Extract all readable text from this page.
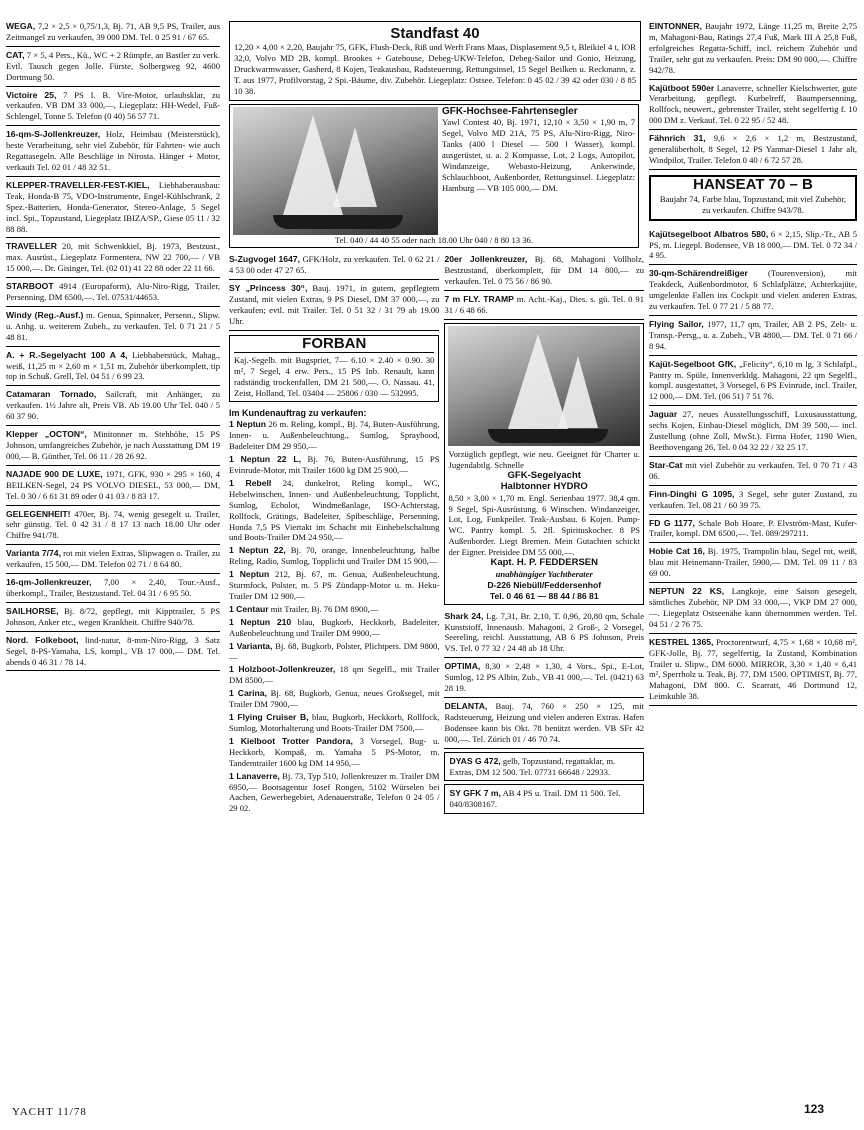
WEGA, 7,2 × 2,5 × 0,75/1,3, Bj. 71, AB 9,5 PS, Trailer, aus Zeitmangel zu verkaufen, 39 000 DM. Tel. 0 25 91 / 67 65.
CAT, 7 × 5, 4 Pers., Kü., WC + 2 Rümpfe, an Bastler zu verk. Evtl. Tausch gegen Jolle. Fürste, Solbergweg 92, 4600 Dortmung 50.
Victoire 25, 7 PS I. B. Vire-Motor, urlaubsklar, zu verkaufen. VB DM 33 000,—, Liegeplatz: HH-Wedel, Fuß-Schlengel, Tonne 5. Telefon (0 40) 56 57 71.
16-qm-S-Jollenkreuzer, Holz, Heimbau (Meisterstück), beste Verarbeitung, sehr viel Zubehör, für Fahrten- wie auch Regattasegeln. Alle Beschläge in Nirosta. Hänger + Motor, verkauft Tel. 02 01 / 48 32 51.
KLEPPER-TRAVELLER-FEST-KIEL, Liebhaberausbau: Teak, Honda-B 75, VDO-Instrumente, Engel-Kühlschrank, 2 Spez.-Batterien, Honda-Generator, Stereo-Anlage, 5 Segel incl. Spi., Topzustand, Liegeplatz IBIZA/SP., Giese 05 11 / 32 88 88.
TRAVELLER 20, mit Schwenkkiel, Bj. 1973, Bestzust., max. Ausrüst., Liegeplatz Formentera, NW 22 700,— / VB 15 000,—. Dr. Gisinger, Tel. (02 01) 41 22 88 oder 22 11 66.
STARBOOT 4914 (Europaform), Alu-Niro-Rigg, Trailer, Persenning, DM 6500,—. Tel. 07531/44653.
Windy (Reg.-Ausf.) m. Genua, Spinnaker, Persenn., Slipw. u. Anhg. u. weiterem Zubeh., zu verkaufen. Tel. 0 71 21 / 5 48 81.
A. + R.-Segelyacht 100 A 4, Liebhaberstück, Mahag., weiß, 11,25 m × 2,60 m × 1,51 m, Zubehör überkomplett, tip top in Schuß. Grell, Tel. 04 51 / 6 99 23.
Catamaran Tornado, Sailcraft, mit Anhänger, zu verkaufen. 1½ Jahre alt, Preis VB. Ab 19.00 Uhr Tel. 040 / 5 60 37 90.
Klepper „OCTON“, Minitonner m. Stehhöhe, 15 PS Johnson, umfangreiches Zubehör, je nach Ausstattung DM 19 000,— B. Günther, Tel. 06 11 / 28 26 92.
NAJADE 900 DE LUXE, 1971, GFK, 930 × 295 × 160, 4 BEILKEN-Segel, 24 PS VOLVO DIESEL, 53 000,— DM, Tel. 0 30 / 6 61 31 89 oder 0 41 03 / 8 83 17.
GELEGENHEIT! 470er, Bj. 74, wenig gesegelt u. Trailer, sehr günstig. Tel. 0 42 31 / 8 17 13 nach 18.00 Uhr oder Chiffre 941/78.
Varianta 7/74, rot mit vielen Extras, Slipwagen o. Trailer, zu verkaufen, 15 500,— DM. Telefon 02 71 / 8 64 80.
16-qm-Jollenkreuzer, 7,00 × 2,40, Tour.-Ausf., überkompl., Trailer, Bestzustand. Tel. 04 31 / 6 95 50.
SAILHORSE, Bj. 8/72, gepflegt, mit Kipptrailer, 5 PS Johnson, Anker etc., wegen Krankheit. Chiffre 940/78.
Nord. Folkeboot, lind-natur, 8-mm-Niro-Rigg, 3 Satz Segel, 8-PS-Yamaha, LS, kompl., VB 17 000,— DM. Tel. abends 0 46 31 / 78 14.
Standfast 40
12,20 × 4,00 × 2,20, Baujahr 75, GFK, Flush-Deck, Riß und Werft Frans Maas, Displasement 9,5 t, Bleikiel 4 t, IOR 32,0, Volvo MD 2B, kompl. Brookes + Gatehouse, Debeg-UKW-Telefon, Debeg-Sailor und Gonio, Heizung, Druckwarmwasser, Gasherd, 8 Kojen, Teakausbau, Radsteuerung, Rettungsinsel, 15 Segel Beilken u. Reckmann, z. T. aus 1977, Profilvorstag, 2 Spi.-Bäume, div. Zubehör. Liegeplatz: Ostsee. Telefon: 0 45 02 / 39 42 oder 030 / 8 85 10 38.
GFK-Hochsee-Fahrtensegler
Yawl Contest 40, Bj. 1971, 12,10 × 3,50 × 1,90 m, 7 Segel, Volvo MD 21A, 75 PS, Alu-Niro-Rigg, Niro-Tanks (400 l Diesel — 500 l Wasser), kompl. ausgerüstet, u. a. 2 Kompasse, Lot, 2 Logs, Autopilot, Windanzeige, Webasto-Heizung, Ankerwinde, Schlauchboot, Außenborder, Rettungsinsel. Liegeplatz: Hamburg — VB 105 000,— DM.
Tel. 040 / 44 40 55 oder nach 18.00 Uhr 040 / 8 80 13 36.
S-Zugvogel 1647, GFK/Holz, zu verkaufen. Tel. 0 62 21 / 4 53 00 oder 47 27 65.
SY „Princess 30“, Bauj. 1971, in gutem, gepflegtem Zustand, mit vielen Extras, 9 PS Diesel, DM 37 000,—, zu verkaufen; evtl. mit Trailer. Tel. 0 51 32 / 31 79 ab 19.00 Uhr.
FORBAN
Kaj.-Segelb. mit Bugspriet, 7— 6.10 × 2.40 × 0.90. 30 m², 7 Segel, 4 erw. Pers., 15 PS Inb. Renault, kann radständig trockenfallen, DM 21 500,—. O. Nassau. 41, Zeist, Holland, Tel. 03404 — 25806 / 030 — 532995.
Im Kundenauftrag zu verkaufen:
1 Neptun 26 m. Reling, kompl., Bj. 74, Buten-Ausführung, Innen- u. Außenbeleuchtung., Sumlog, Sprayhood, Badeleiter DM 29 950,—
1 Neptun 22 L, Bj. 76, Buten-Ausführung, 15 PS Evinrude-Motor, mit Trailer 1600 kg DM 25 900,—
1 Rebell 24, dunkelrot, Reling kompl., WC, Hebelwinschen, Innen- und Außenbeleuchtung, Topplicht, Sumlog, Echolot, Windmeßanlage, ISO-Achterstag, Rollfock, Grätings, Badeleiter, Spibeschläge, Persenning, Honda 7,5 PS Viertakt im Schacht mit Einhebelschaltung und Boots-Trailer DM 24 950,—
1 Neptun 22, Bj. 70, orange, Innenbeleuchtung, halbe Reling, Radio, Sumlog, Topplicht und Trailer DM 15 900,—
1 Neptun 212, Bj. 67, m. Genua, Außenbeleuchtung, Sturmfock, Polster, m. 5 PS Zündapp-Motor u. m. Heku-Trailer DM 12 900,—
1 Centaur mit Trailer, Bj. 76 DM 8900,—
1 Neptun 210 blau, Bugkorb, Heckkorb, Badeleiter, Außenbeleuchtung und Trailer DM 9900,—
1 Varianta, Bj. 68, Bugkorb, Polster, Plichtpers. DM 9800,—
1 Holzboot-Jollenkreuzer, 18 qm Segelfl., mit Trailer DM 8500,—
1 Carina, Bj. 68, Bugkorb, Genua, neues Großsegel, mit Trailer DM 7900,—
1 Flying Cruiser B, blau, Bugkorb, Heckkorb, Rollfock, Sumlog, Motorhalterung und Boots-Trailer DM 7500,—
1 Kielboot Trotter Pandora, 3 Vorsegel, Bug- u. Heckkorb, Kompaß, m. Yamaha 5 PS-Motor, m. Tandemtrailer 1600 kg DM 14 950,—
1 Lanaverre, Bj. 73, Typ 510, Jollenkreuzer m. Trailer DM 6950,— Bootsagentur Josef Rongen, 5102 Würselen bei Aachen, Gewerbegebiet, Adenauerstraße, Telefon 0 24 05 / 29 02.
20er Jollenkreuzer, Bj. 68, Mahagoni Vollholz, Bestzustand, überkomplett, für DM 14 800,— zu verkaufen. Tel. 0 75 56 / 86 90.
7 m FLY. TRAMP m. Acht.-Kaj., Dies. s. gü. Tel. 0 91 31 / 6 48 66.
Vorzüglich gepflegt, wie neu. Geeignet für Charter u. Jugendabtlg. Schnelle
GFK-Segelyacht
Halbtonner HYDRO
8,50 × 3,00 × 1,70 m. Engl. Serienbau 1977. 38,4 qm. 9 Segel, Spi-Ausrüstung. 6 Winschen. Windanzeiger, Lot, Log, Funkpeiler. Teak-Ausbau. 6 Kojen. Pump-WC. Pantry kompl. 5. 2fl. Spirituskocher. 8 PS Außenborder. Liegt Bremen. Mein Gutachten schickt der Eigner. Preisidee DM 55 000,—.
Kapt. H. P. FEDDERSEN
unabhängiger Yachtberater
D-226 Niebüll/Feddersenhof
Tel. 0 46 61 — 88 44 / 86 81
Shark 24, Lg. 7,31, Br. 2,10, T. 0,96, 20,80 qm, Schale Kunststoff, Innenausb. Mahagoni, 2 Groß-, 2 Vorsegel, Seereling, reichl. Ausstattung, AB 6 PS Johnson, Preis VS. Tel. 0 77 32 / 24 48 ab 18 Uhr.
OPTIMA, 8,30 × 2,48 × 1,30, 4 Vors., Spi., E-Lot, Sumlog, 12 PS Albin, Zub., VB 41 000,—. Tel. (0421) 63 28 19.
DELANTA, Bauj. 74, 760 × 250 × 125, mit Radsteuerung, Heizung und vielen anderen Extras. Hafen Bodensee kann bis Okt. 78 benützt werden. VB SFr 42 000,—. Tel. Zürich 01 / 46 70 74.
DYAS G 472, gelb, Topzustand, regattaklar, m. Extras, DM 12 500. Tel. 07731 66648 / 22933.
SY GFK 7 m, AB 4 PS u. Trail. DM 11 500. Tel. 040/8308167.
EINTONNER, Baujahr 1972, Länge 11,25 m, Breite 2,75 m, Mahagoni-Bau, Ratings 27,4 Fuß, Mark III A 25,8 Fuß, erfolgreiches Regatta-Schiff, incl. reichem Zubehör und Trailer, sehr gut zu verkaufen. Preis: DM 90 000,—. Chiffre 942/78.
Kajütboot 590er Lanaverre, schneller Kielschwerter, gute Verarbeitung, gepflegt. Kurbelreff, Baumpersenning, Rollfock, neuwert., gebrenster Trailer, steht segelfertig f. 10 000 DM z. Verkauf. Tel. 0 22 95 / 52 48.
Fähnrich 31, 9,6 × 2,6 × 1,2 m, Bestzustand, generalüberholt, 8 Segel, 12 PS Yanmar-Diesel 1 Jahr alt, Windpilot, Trailer. Telefon 0 40 / 6 72 57 28.
HANSEAT 70 – B
Baujahr 74, Farbe blau, Topzustand, mit viel Zubehör, zu verkaufen. Chiffre 943/78.
Kajütsegelboot Albatros 580, 6 × 2,15, Slip.-Tr., AB 5 PS, m. Liegepl. Bodensee, VB 18 000,— DM. Tel. 0 72 34 / 4 95.
30-qm-Schärendreißiger (Tourenversion), mit Teakdeck, Außenbordmotor, 6 Schlafplätze, Achterkajüte, umgelenkte Fallen ins Cockpit und vielen anderen Extras, zu verkaufen. Tel. 0 77 21 / 5 88 77.
Flying Sailor, 1977, 11,7 qm, Trailer, AB 2 PS, Zelt- u. Transp.-Persg., u. a. Zubeh., VB 4800,— DM. Tel. 0 71 66 / 8 94.
Kajüt-Segelboot GfK, „Felicity“, 6,10 m lg, 3 Schlafpl., Pantry m. Spüle, Innenverkldg. Mahagoni, 22 qm Segelfl., kompl. ausgestattet, 3 Vorsegel, 6 PS Evinrude, incl. Trailer, 12 000,— DM. Tel. (06 51) 7 51 76.
Jaguar 27, neues Ausstellungsschiff, Luxusausstattung, sechs Kojen, Einbau-Diesel möglich, DM 39 500,— incl. Zustellung (ohne Zoll, MwSt.). Firma Hofer, 1190 Wien, Beethovengang 26, Tel. 0 04 32 22 / 32 25 17.
Star-Cat mit viel Zubehör zu verkaufen. Tel. 0 70 71 / 43 06.
Finn-Dinghi G 1095, 3 Segel, sehr guter Zustand, zu verkaufen. Tel. 08 21 / 60 39 75.
FD G 1177, Schale Bob Hoare, P. Elvström-Mast, Kufer-Trailer, kompl. DM 6500,—. Tel. 089/297211.
Hobie Cat 16, Bj. 1975, Trampolin blau, Segel rot, weiß, blau mit Heinemann-Trailer, 5900,— DM. Tel. 09 11 / 83 69 00.
NEPTUN 22 KS, Langkoje, eine Saison gesegelt, sämtliches Zubehör, NP DM 33 000,—, VKP DM 27 000,—. Liegeplatz Ostseenähe kann übernommen werden. Tel. 04 51 / 2 76 75.
KESTREL 1365, Proctorentwurf, 4,75 × 1,68 × 10,68 m², GFK-Jolle, Bj. 77, segelfertig, Ia Zustand, Kombination Trailer u. Slipw., DM 6000. MIRROR, 3,30 × 1,40 × 6,41 m², Sperrholz u. Teak, Bj. 77, DM 1500. OPTIMIST, Bj. 77, Mahagoni, DM 800. C. Scarratt, 46 Dortmund 12, Leimkuhle 38.
YACHT 11/78	123
